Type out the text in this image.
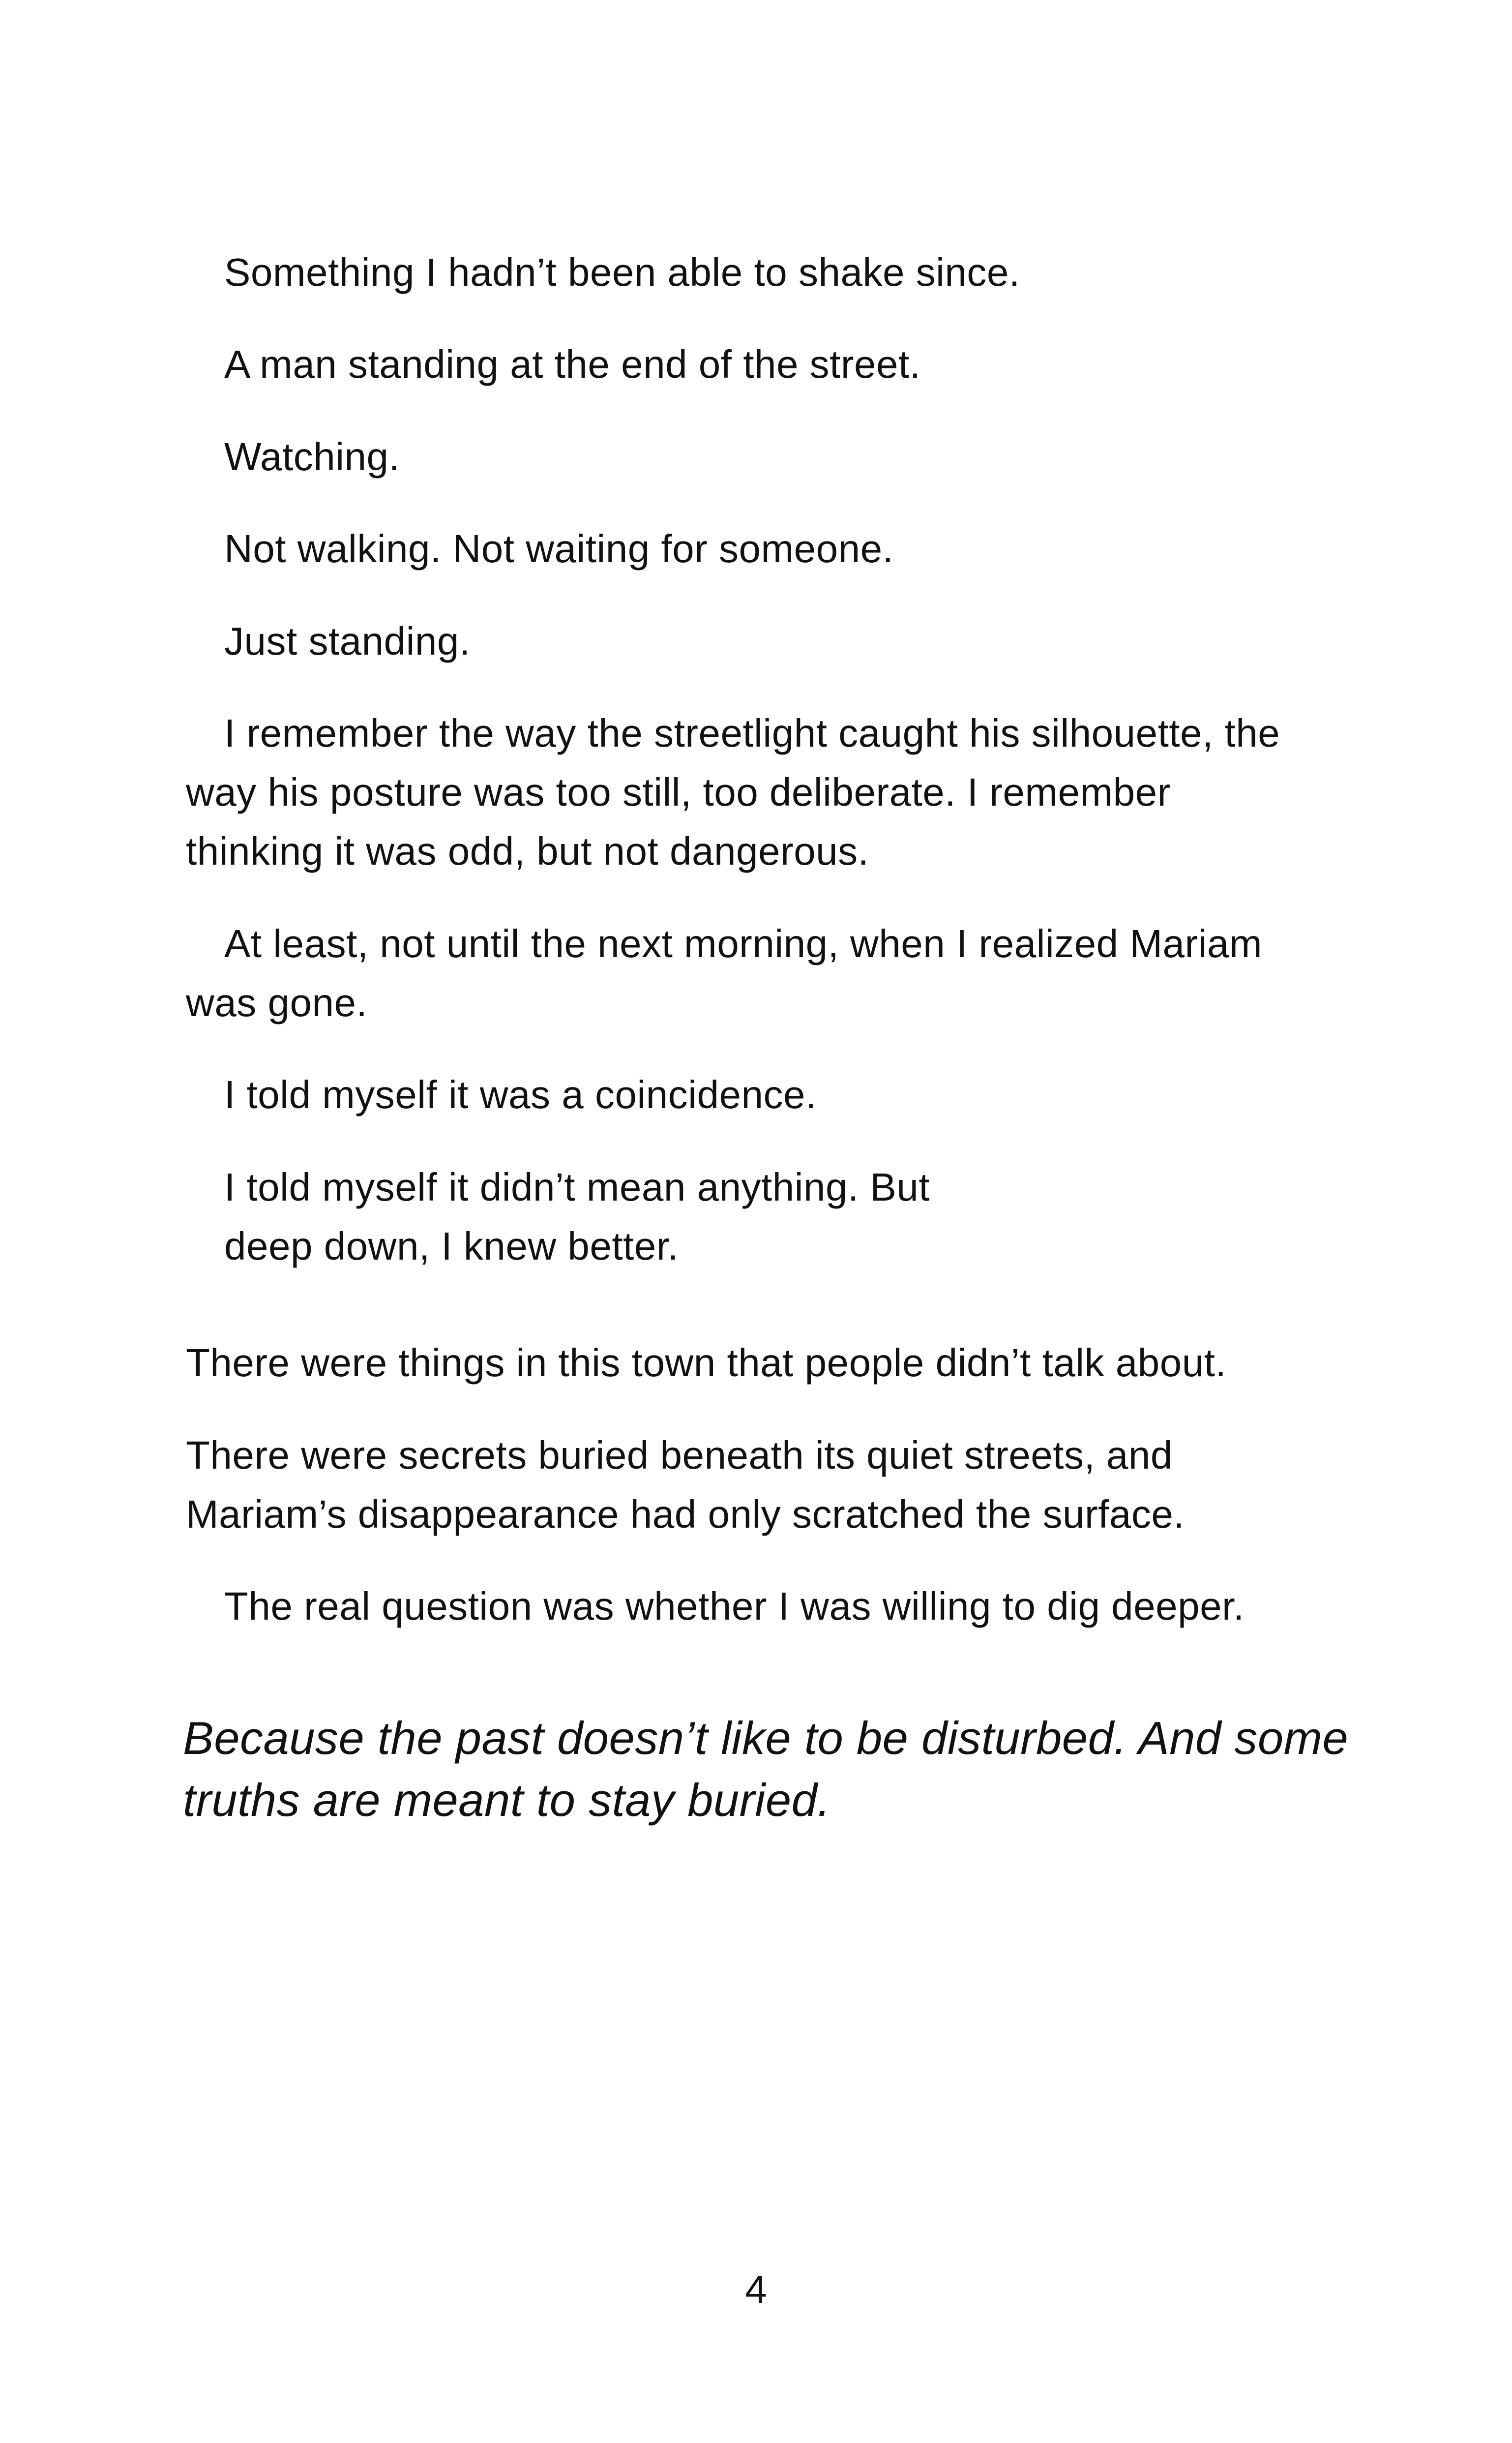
Something I hadn’t been able to shake since.
A man standing at the end of the street.
Watching.
Not walking. Not waiting for someone.
Just standing.
I remember the way the streetlight caught his silhouette, the
way his posture was too still, too deliberate. I remember
thinking it was odd, but not dangerous.
At least, not until the next morning, when I realized Mariam
was gone.
I told myself it was a coincidence.
I told myself it didn’t mean anything. But
deep down, I knew better.
There were things in this town that people didn’t talk about.
There were secrets buried beneath its quiet streets, and
Mariam’s disappearance had only scratched the surface.
The real question was whether I was willing to dig deeper.
Because the past doesn’t like to be disturbed. And some
truths are meant to stay buried.
4
